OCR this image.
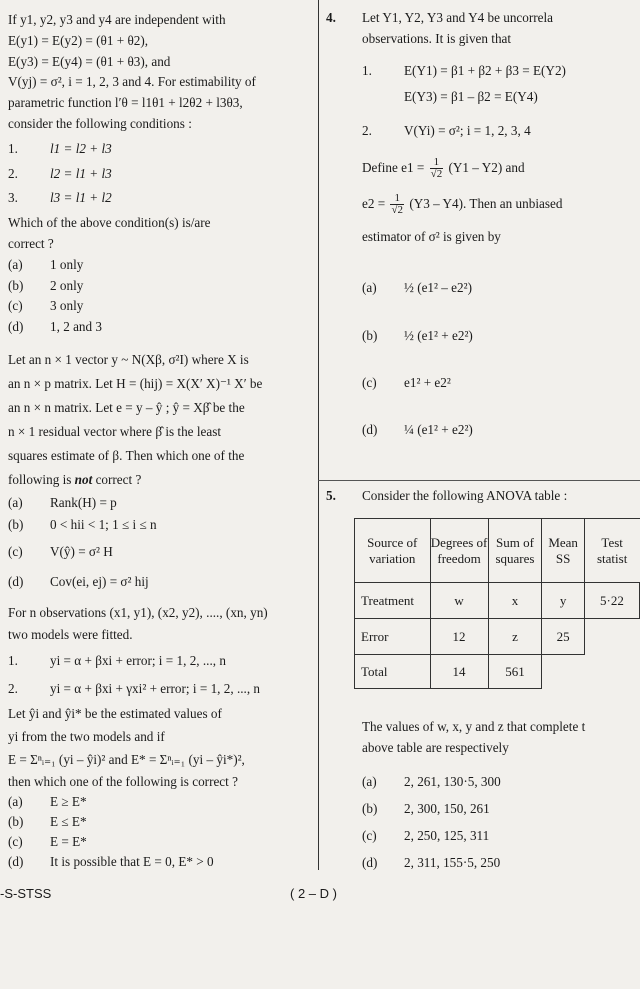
If y1, y2, y3 and y4 are independent with

E(y1) = E(y2) = (θ1 + θ2),

E(y3) = E(y4) = (θ1 + θ3), and

V(yj) = σ², i = 1, 2, 3 and 4. For estimability of

parametric function l′θ = l1θ1 + l2θ2 + l3θ3,

consider the following conditions :

1.	l1 = l2 + l3
2.	l2 = l1 + l3
3.	l3 = l1 + l2

Which of the above condition(s) is/are

correct ?

(a)	1 only
(b)	2 only
(c)	3 only
(d)	1, 2 and 3

Let an n × 1 vector y ~ N(Xβ, σ²I) where X is

an n × p matrix. Let H = (hij) = X(X′ X)⁻¹ X′ be

an n × n matrix. Let e = y – ŷ ; ŷ = Xβ̂ be the

n × 1 residual vector where β̂ is the least

squares estimate of β. Then which one of the

following is not correct ?

(a)	Rank(H) = p
(b)	0 < hii < 1; 1 ≤ i ≤ n
(c)	V(ŷ) = σ² H
(d)	Cov(ei, ej) = σ² hij

For n observations (x1, y1), (x2, y2), ...., (xn, yn)

two models were fitted.

1.	yi = α + βxi + error; i = 1, 2, ..., n
2.	yi = α + βxi + γxi² + error; i = 1, 2, ..., n

Let ŷi and ŷi* be the estimated values of

yi from the two models and if

E = Σⁿᵢ₌₁ (yi – ŷi)² and E* = Σⁿᵢ₌₁ (yi – ŷi*)²,

then which one of the following is correct ?

(a)	E ≥ E*
(b)	E ≤ E*
(c)	E = E*
(d)	It is possible that E = 0, E* > 0
4.	Let Y1, Y2, Y3 and Y4 be uncorrela
observations. It is given that
1.	E(Y1) = β1 + β2 + β3 = E(Y2)
E(Y3) = β1 – β2 = E(Y4)
2.	V(Yi) = σ²; i = 1, 2, 3, 4
Define $e1 = \frac{1}{√2} (Y1 - Y2)$ and
$e2 = \frac{1}{√2} (Y3 - Y4)$. Then an unbiased
estimator of σ² is given by
(a)	½ (e1² – e2²)
(b)	½ (e1² + e2²)
(c)	e1² + e2²
(d)	¼ (e1² + e2²)
5.	Consider the following ANOVA table :
Source of variation	Degrees of freedom	Sum of squares	Mean SS	Test statist
Treatment	w	x	y	5·22
Error	12	z	25	
Total	14	561		
The values of w, x, y and z that complete t
above table are respectively
(a)	2, 261, 130·5, 300
(b)	2, 300, 150, 261
(c)	2, 250, 125, 311
(d)	2, 311, 155·5, 250
-S-STSS	( 2 – D )
